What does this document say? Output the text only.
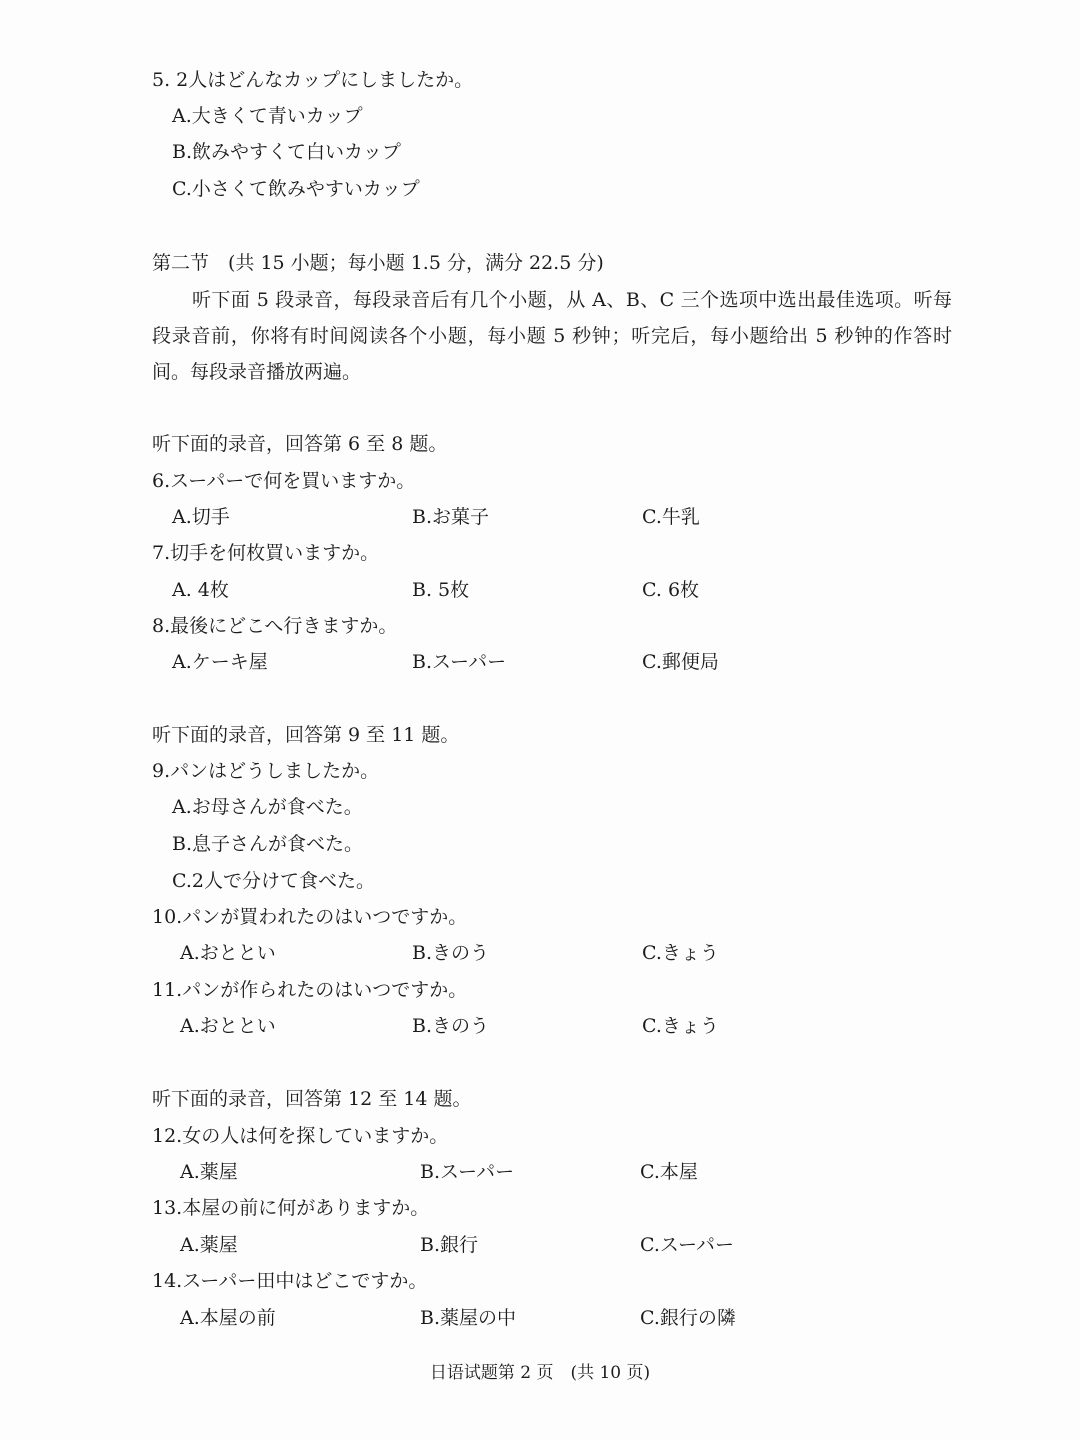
5. 2人はどんなカップにしましたか。
A.大きくて青いカップ
B.飲みやすくて白いカップ
C.小さくて飲みやすいカップ
第二节　(共 15 小题；每小题 1.5 分，满分 22.5 分)
听下面 5 段录音，每段录音后有几个小题，从 A、B、C 三个选项中选出最佳选项。听每段录音前，你将有时间阅读各个小题，每小题 5 秒钟；听完后，每小题给出 5 秒钟的作答时间。每段录音播放两遍。
听下面的录音，回答第 6 至 8 题。
6.スーパーで何を買いますか。
A.切手	B.お菓子	C.牛乳
7.切手を何枚買いますか。
A. 4枚	B. 5枚	C. 6枚
8.最後にどこへ行きますか。
A.ケーキ屋	B.スーパー	C.郵便局
听下面的录音，回答第 9 至 11 题。
9.パンはどうしましたか。
A.お母さんが食べた。
B.息子さんが食べた。
C.2人で分けて食べた。
10.パンが買われたのはいつですか。
A.おととい	B.きのう	C.きょう
11.パンが作られたのはいつですか。
A.おととい	B.きのう	C.きょう
听下面的录音，回答第 12 至 14 题。
12.女の人は何を探していますか。
A.薬屋	B.スーパー	C.本屋
13.本屋の前に何がありますか。
A.薬屋	B.銀行	C.スーパー
14.スーパー田中はどこですか。
A.本屋の前	B.薬屋の中	C.銀行の隣
日语试题第 2 页　(共 10 页)
